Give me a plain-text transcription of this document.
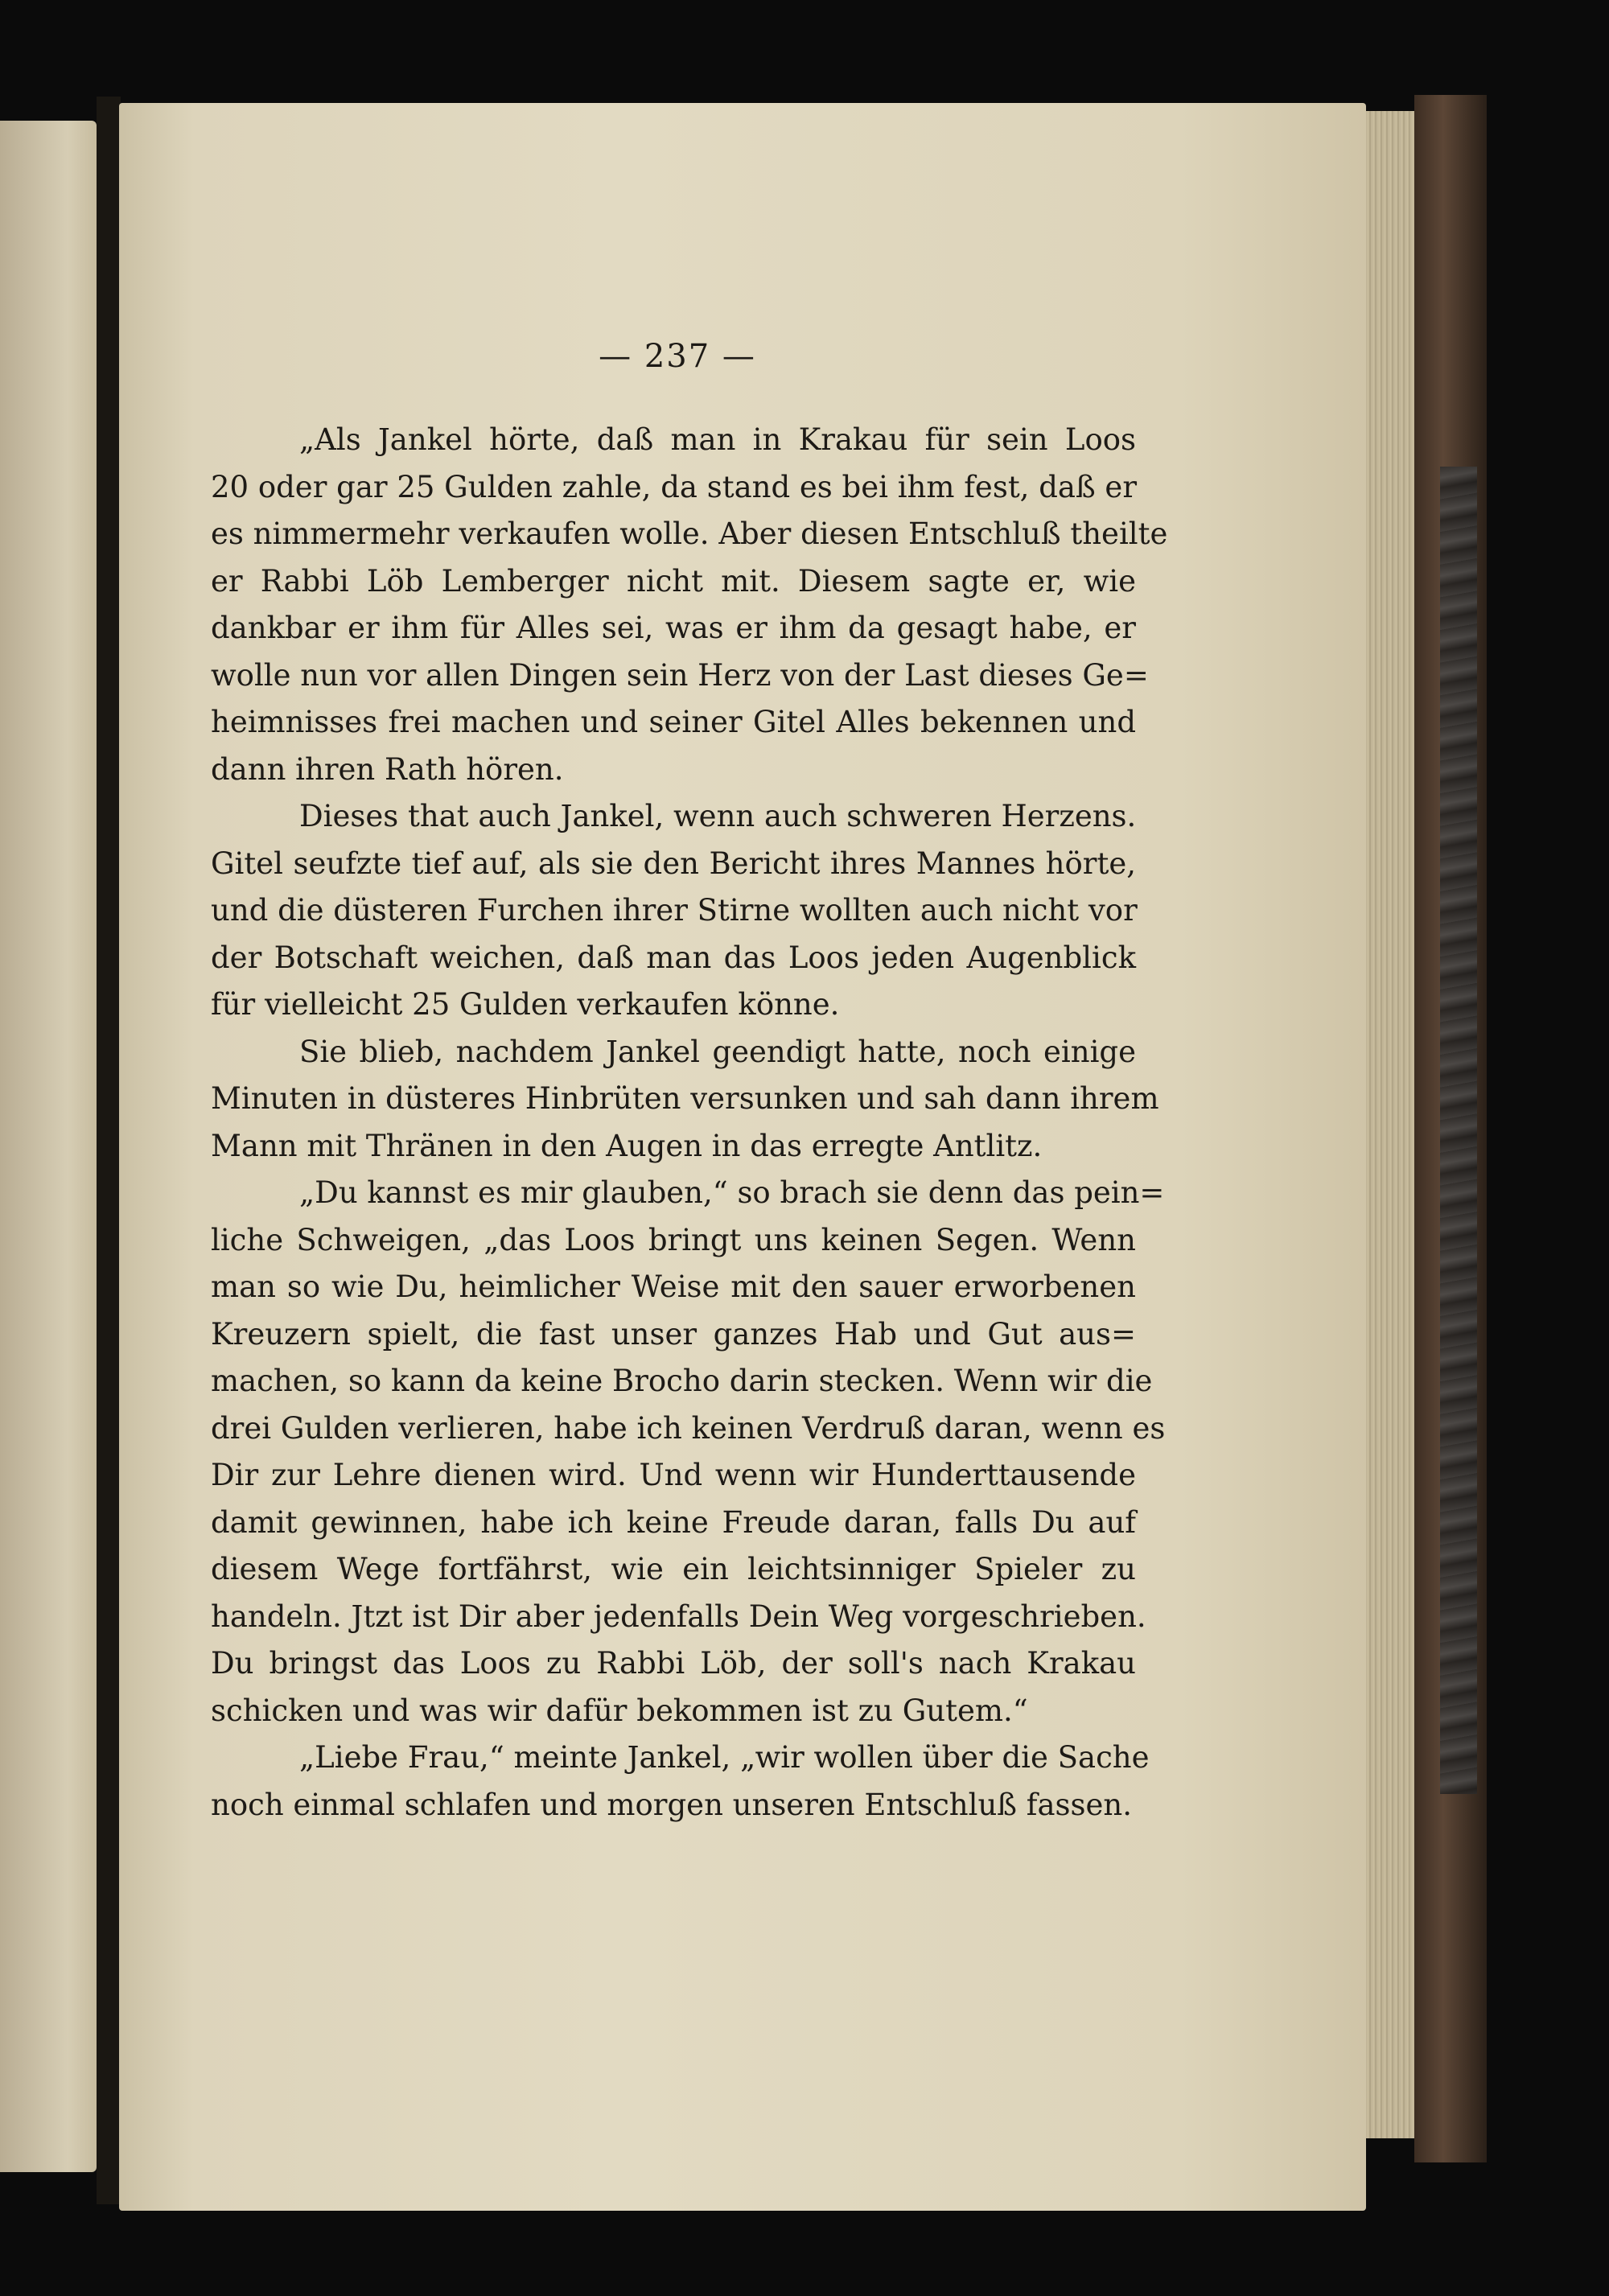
— 237 —
„Als Jankel hörte, daß man in Krakau für sein Loos
20 oder gar 25 Gulden zahle, da stand es bei ihm fest, daß er
es nimmermehr verkaufen wolle. Aber diesen Entschluß theilte
er Rabbi Löb Lemberger nicht mit. Diesem sagte er, wie
dankbar er ihm für Alles sei, was er ihm da gesagt habe, er
wolle nun vor allen Dingen sein Herz von der Last dieses Ge=
heimnisses frei machen und seiner Gitel Alles bekennen und
dann ihren Rath hören.
Dieses that auch Jankel, wenn auch schweren Herzens.
Gitel seufzte tief auf, als sie den Bericht ihres Mannes hörte,
und die düsteren Furchen ihrer Stirne wollten auch nicht vor
der Botschaft weichen, daß man das Loos jeden Augenblick
für vielleicht 25 Gulden verkaufen könne.
Sie blieb, nachdem Jankel geendigt hatte, noch einige
Minuten in düsteres Hinbrüten versunken und sah dann ihrem
Mann mit Thränen in den Augen in das erregte Antlitz.
„Du kannst es mir glauben,“ so brach sie denn das pein=
liche Schweigen, „das Loos bringt uns keinen Segen. Wenn
man so wie Du, heimlicher Weise mit den sauer erworbenen
Kreuzern spielt, die fast unser ganzes Hab und Gut aus=
machen, so kann da keine Brocho darin stecken. Wenn wir die
drei Gulden verlieren, habe ich keinen Verdruß daran, wenn es
Dir zur Lehre dienen wird. Und wenn wir Hunderttausende
damit gewinnen, habe ich keine Freude daran, falls Du auf
diesem Wege fortfährst, wie ein leichtsinniger Spieler zu
handeln. Jtzt ist Dir aber jedenfalls Dein Weg vorgeschrieben.
Du bringst das Loos zu Rabbi Löb, der soll's nach Krakau
schicken und was wir dafür bekommen ist zu Gutem.“
„Liebe Frau,“ meinte Jankel, „wir wollen über die Sache
noch einmal schlafen und morgen unseren Entschluß fassen.
